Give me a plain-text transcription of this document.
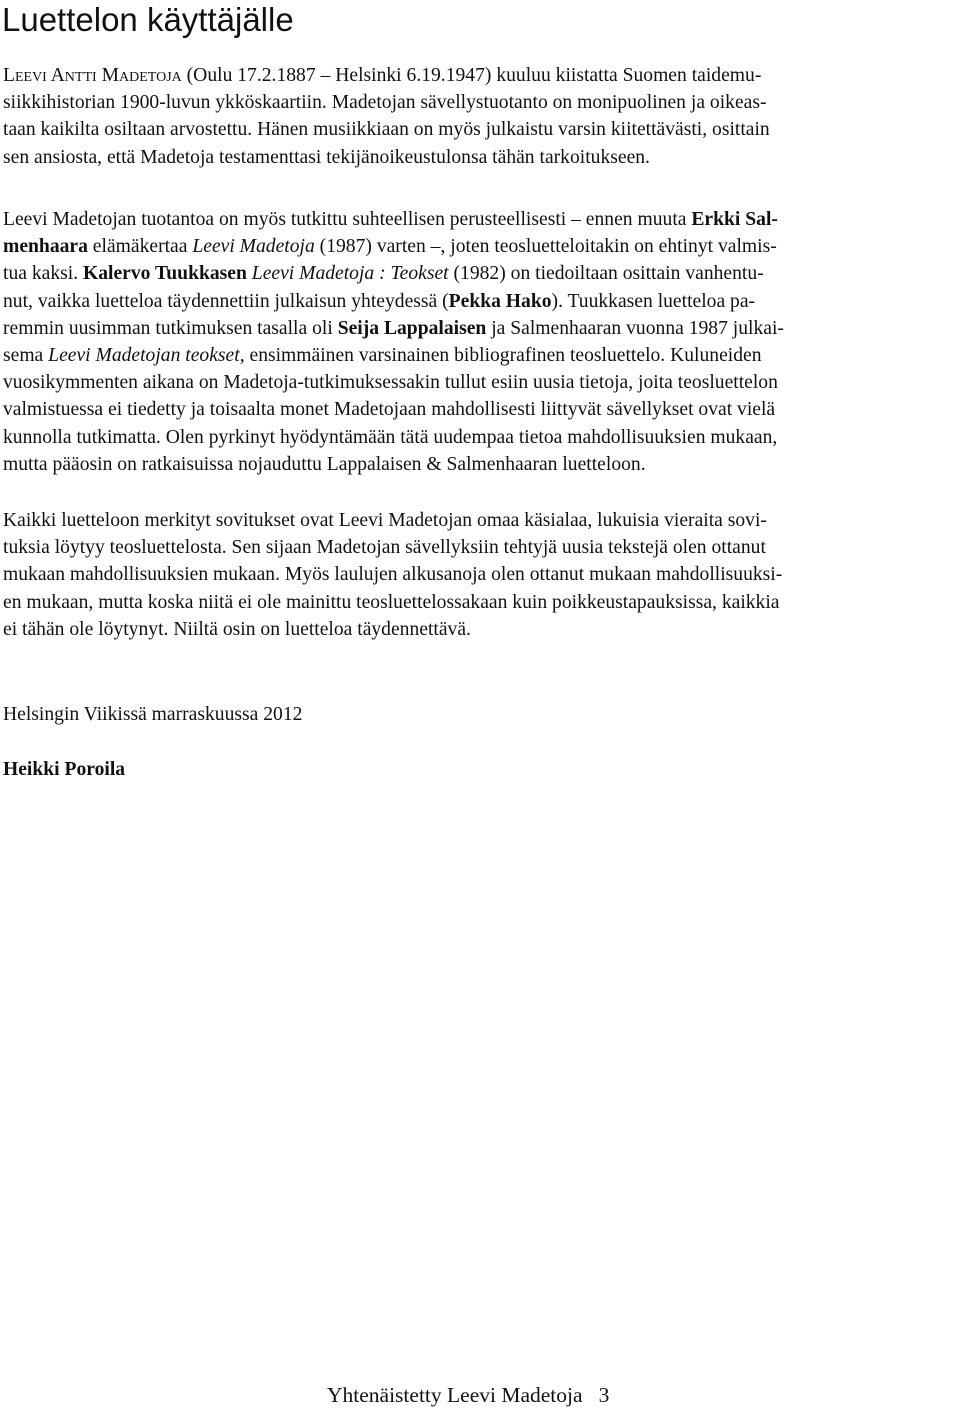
Luettelon käyttäjälle
Leevi Antti Madetoja (Oulu 17.2.1887 – Helsinki 6.19.1947) kuuluu kiistatta Suomen taidemu-
siikkihistorian 1900-luvun ykköskaartiin. Madetojan sävellystuotanto on monipuolinen ja oikeas-
taan kaikilta osiltaan arvostettu. Hänen musiikkiaan on myös julkaistu varsin kiitettävästi, osittain
sen ansiosta, että Madetoja testamenttasi tekijänoikeustulonsa tähän tarkoitukseen.
Leevi Madetojan tuotantoa on myös tutkittu suhteellisen perusteellisesti – ennen muuta Erkki Sal-
menhaara elämäkertaa Leevi Madetoja (1987) varten –, joten teosluetteloitakin on ehtinyt valmis-
tua kaksi. Kalervo Tuukkasen Leevi Madetoja : Teokset (1982) on tiedoiltaan osittain vanhentu-
nut, vaikka luetteloa täydennettiin julkaisun yhteydessä (Pekka Hako). Tuukkasen luetteloa pa-
remmin uusimman tutkimuksen tasalla oli Seija Lappalaisen ja Salmenhaaran vuonna 1987 julkai-
sema Leevi Madetojan teokset, ensimmäinen varsinainen bibliografinen teosluettelo. Kuluneiden
vuosikymmenten aikana on Madetoja-tutkimuksessakin tullut esiin uusia tietoja, joita teosluettelon
valmistuessa ei tiedetty ja toisaalta monet Madetojaan mahdollisesti liittyvät sävellykset ovat vielä
kunnolla tutkimatta. Olen pyrkinyt hyödyntämään tätä uudempaa tietoa mahdollisuuksien mukaan,
mutta pääosin on ratkaisuissa nojauduttu Lappalaisen & Salmenhaaran luetteloon.
Kaikki luetteloon merkityt sovitukset ovat Leevi Madetojan omaa käsialaa, lukuisia vieraita sovi-
tuksia löytyy teosluettelosta. Sen sijaan Madetojan sävellyksiin tehtyjä uusia tekstejä olen ottanut
mukaan mahdollisuuksien mukaan. Myös laulujen alkusanoja olen ottanut mukaan mahdollisuuksi-
en mukaan, mutta koska niitä ei ole mainittu teosluettelossakaan kuin poikkeustapauksissa, kaikkia
ei tähän ole löytynyt. Niiltä osin on luetteloa täydennettävä.

Helsingin Viikissä marraskuussa 2012

Heikki Poroila

Yhtenäistetty Leevi Madetoja   3
